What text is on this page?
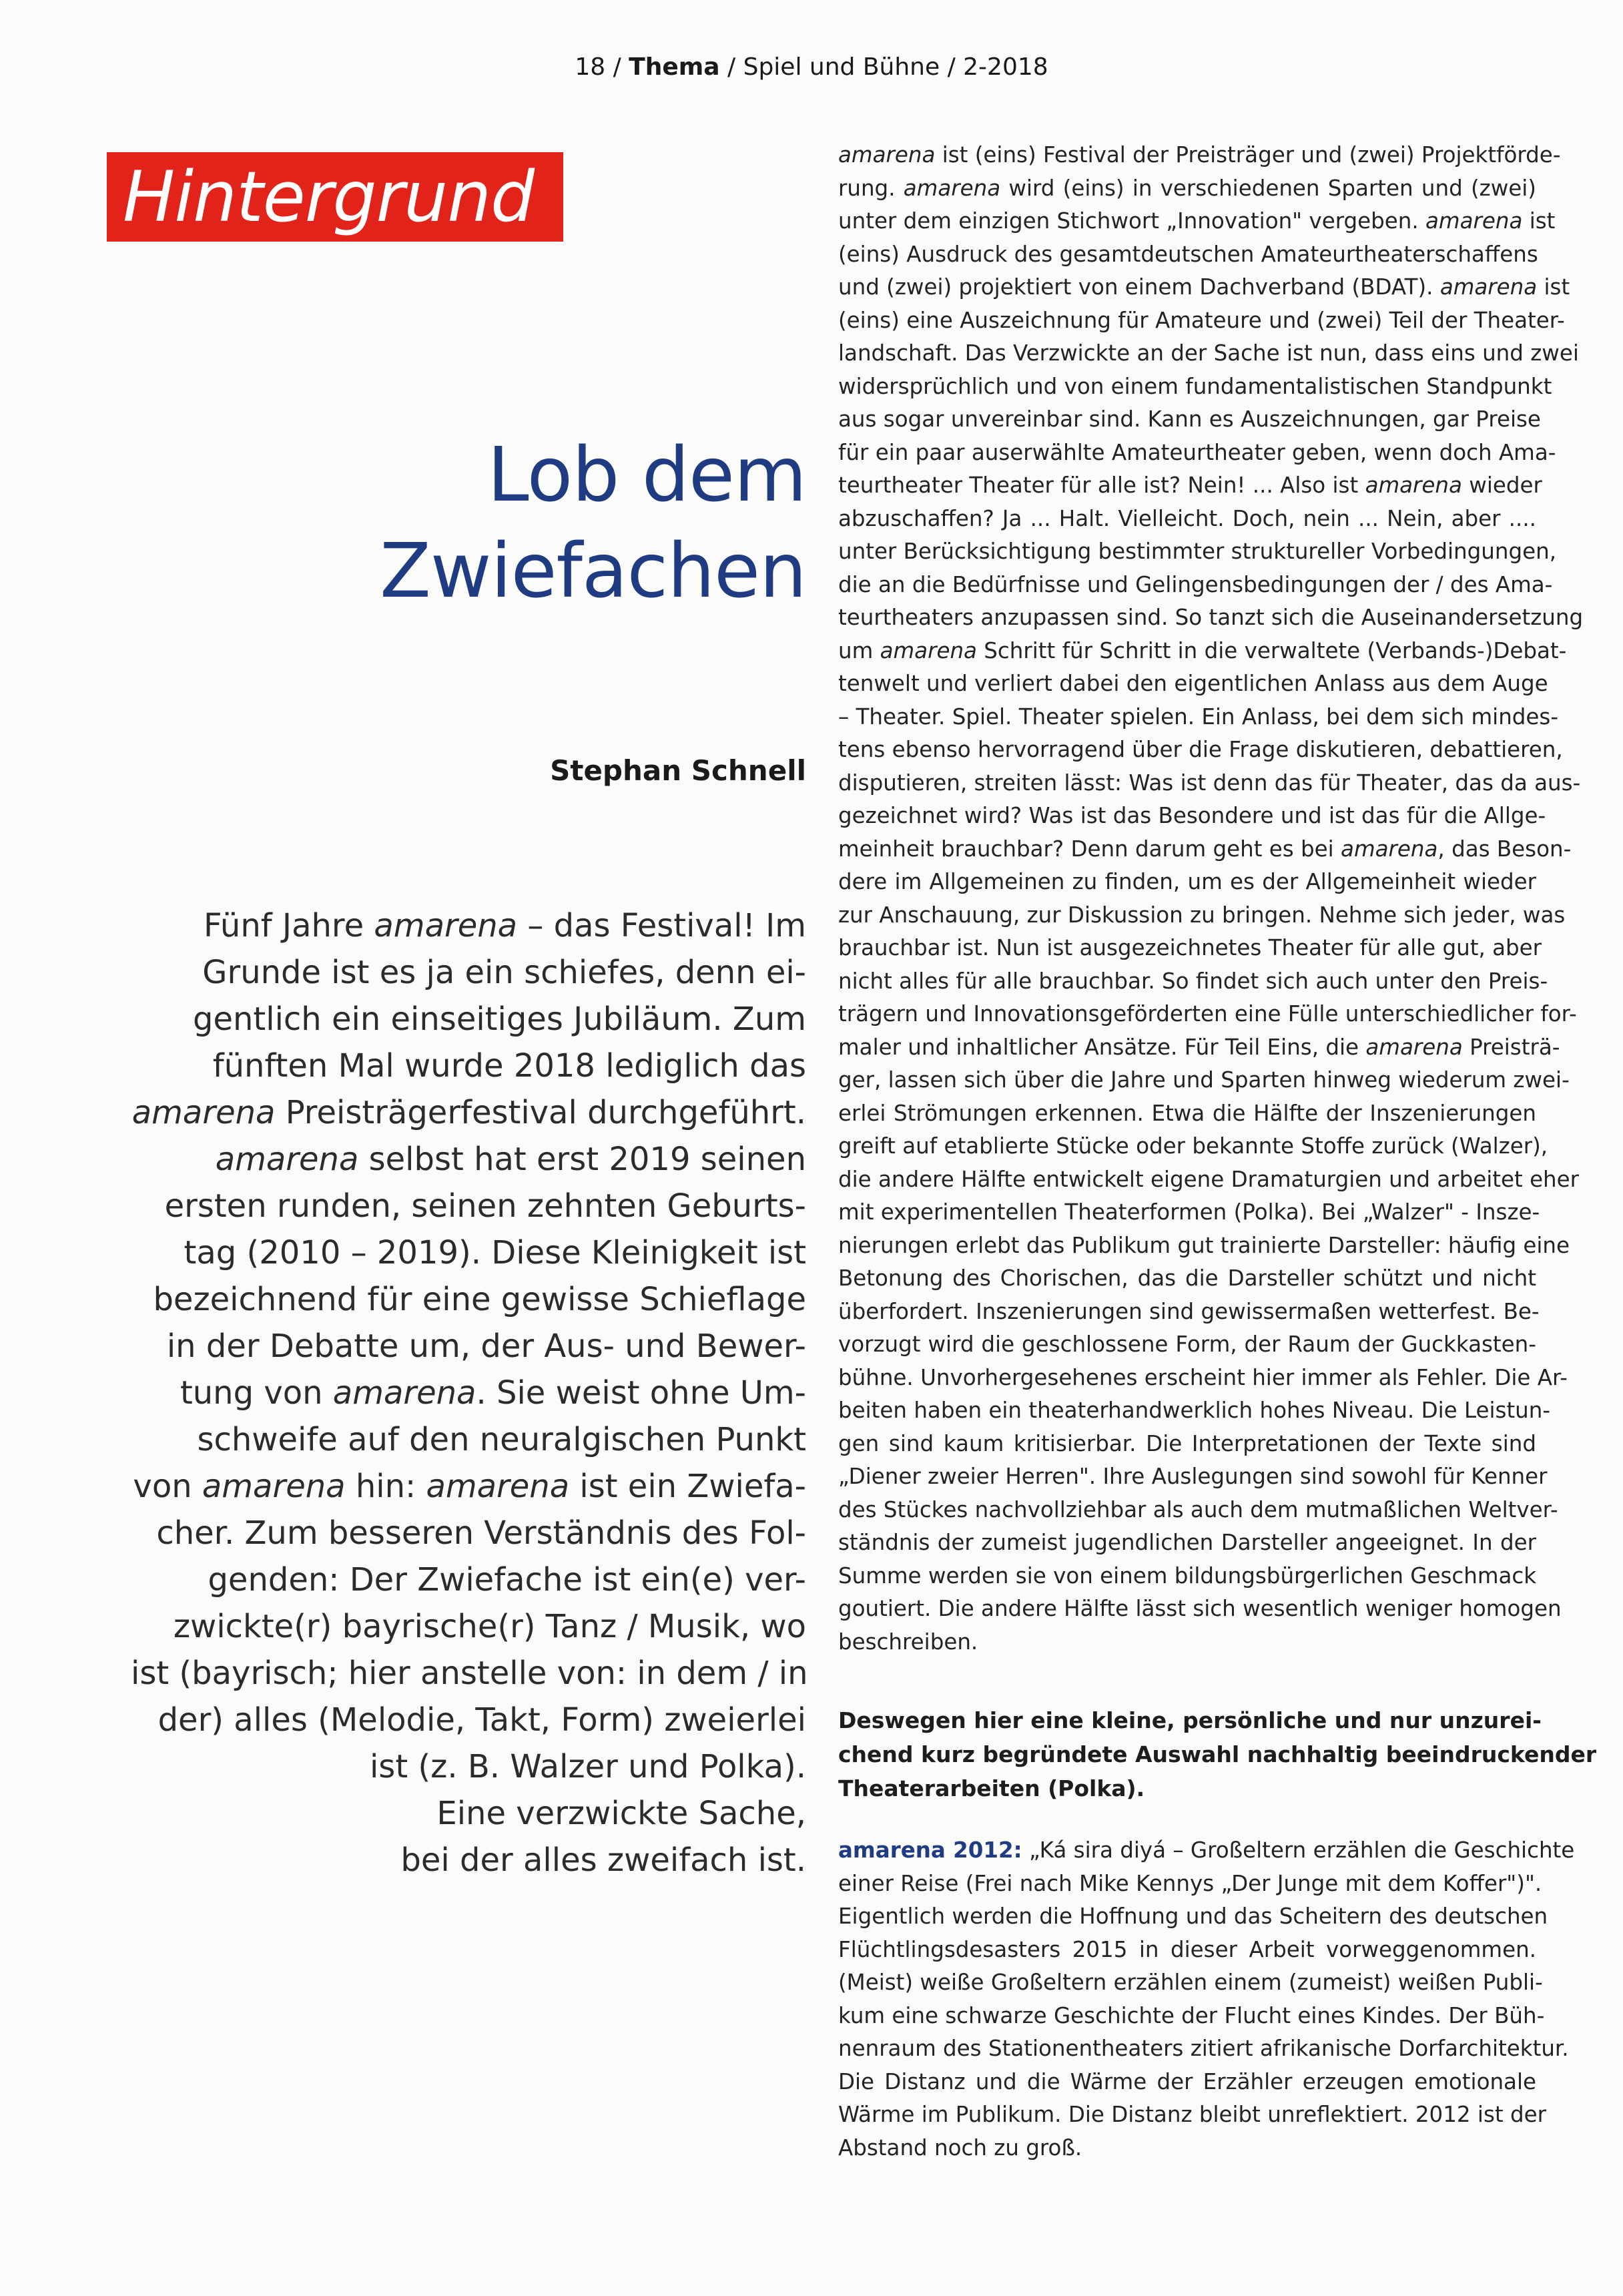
18 / Thema / Spiel und Bühne / 2-2018
Hintergrund
Lob dem
Zwiefachen
Stephan Schnell
Fünf Jahre amarena – das Festival! Im
Grunde ist es ja ein schiefes, denn ei-
gentlich ein einseitiges Jubiläum. Zum
fünften Mal wurde 2018 lediglich das
amarena Preisträgerfestival durchgeführt.
amarena selbst hat erst 2019 seinen
ersten runden, seinen zehnten Geburts-
tag (2010 – 2019). Diese Kleinigkeit ist
bezeichnend für eine gewisse Schieflage
in der Debatte um, der Aus- und Bewer-
tung von amarena. Sie weist ohne Um-
schweife auf den neuralgischen Punkt
von amarena hin: amarena ist ein Zwiefa-
cher. Zum besseren Verständnis des Fol-
genden: Der Zwiefache ist ein(e) ver-
zwickte(r) bayrische(r) Tanz / Musik, wo
ist (bayrisch; hier anstelle von: in dem / in
der) alles (Melodie, Takt, Form) zweierlei
ist (z. B. Walzer und Polka).
Eine verzwickte Sache,
bei der alles zweifach ist.
amarena ist (eins) Festival der Preisträger und (zwei) Projektförde-
rung. amarena wird (eins) in verschiedenen Sparten und (zwei)
unter dem einzigen Stichwort „Innovation" vergeben. amarena ist
(eins) Ausdruck des gesamtdeutschen Amateurtheaterschaffens
und (zwei) projektiert von einem Dachverband (BDAT). amarena ist
(eins) eine Auszeichnung für Amateure und (zwei) Teil der Theater-
landschaft. Das Verzwickte an der Sache ist nun, dass eins und zwei
widersprüchlich und von einem fundamentalistischen Standpunkt
aus sogar unvereinbar sind. Kann es Auszeichnungen, gar Preise
für ein paar auserwählte Amateurtheater geben, wenn doch Ama-
teurtheater Theater für alle ist? Nein! ... Also ist amarena wieder
abzuschaffen? Ja ... Halt. Vielleicht. Doch, nein ... Nein, aber ....
unter Berücksichtigung bestimmter struktureller Vorbedingungen,
die an die Bedürfnisse und Gelingensbedingungen der / des Ama-
teurtheaters anzupassen sind. So tanzt sich die Auseinandersetzung
um amarena Schritt für Schritt in die verwaltete (Verbands-)Debat-
tenwelt und verliert dabei den eigentlichen Anlass aus dem Auge
– Theater. Spiel. Theater spielen. Ein Anlass, bei dem sich mindes-
tens ebenso hervorragend über die Frage diskutieren, debattieren,
disputieren, streiten lässt: Was ist denn das für Theater, das da aus-
gezeichnet wird? Was ist das Besondere und ist das für die Allge-
meinheit brauchbar? Denn darum geht es bei amarena, das Beson-
dere im Allgemeinen zu finden, um es der Allgemeinheit wieder
zur Anschauung, zur Diskussion zu bringen. Nehme sich jeder, was
brauchbar ist. Nun ist ausgezeichnetes Theater für alle gut, aber
nicht alles für alle brauchbar. So findet sich auch unter den Preis-
trägern und Innovationsgeförderten eine Fülle unterschiedlicher for-
maler und inhaltlicher Ansätze. Für Teil Eins, die amarena Preisträ-
ger, lassen sich über die Jahre und Sparten hinweg wiederum zwei-
erlei Strömungen erkennen. Etwa die Hälfte der Inszenierungen
greift auf etablierte Stücke oder bekannte Stoffe zurück (Walzer),
die andere Hälfte entwickelt eigene Dramaturgien und arbeitet eher
mit experimentellen Theaterformen (Polka). Bei „Walzer" - Insze-
nierungen erlebt das Publikum gut trainierte Darsteller: häufig eine
Betonung des Chorischen, das die Darsteller schützt und nicht
überfordert. Inszenierungen sind gewissermaßen wetterfest. Be-
vorzugt wird die geschlossene Form, der Raum der Guckkasten-
bühne. Unvorhergesehenes erscheint hier immer als Fehler. Die Ar-
beiten haben ein theaterhandwerklich hohes Niveau. Die Leistun-
gen sind kaum kritisierbar. Die Interpretationen der Texte sind
„Diener zweier Herren". Ihre Auslegungen sind sowohl für Kenner
des Stückes nachvollziehbar als auch dem mutmaßlichen Weltver-
ständnis der zumeist jugendlichen Darsteller angeeignet. In der
Summe werden sie von einem bildungsbürgerlichen Geschmack
goutiert. Die andere Hälfte lässt sich wesentlich weniger homogen
beschreiben.
Deswegen hier eine kleine, persönliche und nur unzurei-
chend kurz begründete Auswahl nachhaltig beeindruckender
Theaterarbeiten (Polka).
amarena 2012: „Ká sira diyá – Großeltern erzählen die Geschichte
einer Reise (Frei nach Mike Kennys „Der Junge mit dem Koffer")".
Eigentlich werden die Hoffnung und das Scheitern des deutschen
Flüchtlingsdesasters 2015 in dieser Arbeit vorweggenommen.
(Meist) weiße Großeltern erzählen einem (zumeist) weißen Publi-
kum eine schwarze Geschichte der Flucht eines Kindes. Der Büh-
nenraum des Stationentheaters zitiert afrikanische Dorfarchitektur.
Die Distanz und die Wärme der Erzähler erzeugen emotionale
Wärme im Publikum. Die Distanz bleibt unreflektiert. 2012 ist der
Abstand noch zu groß.
